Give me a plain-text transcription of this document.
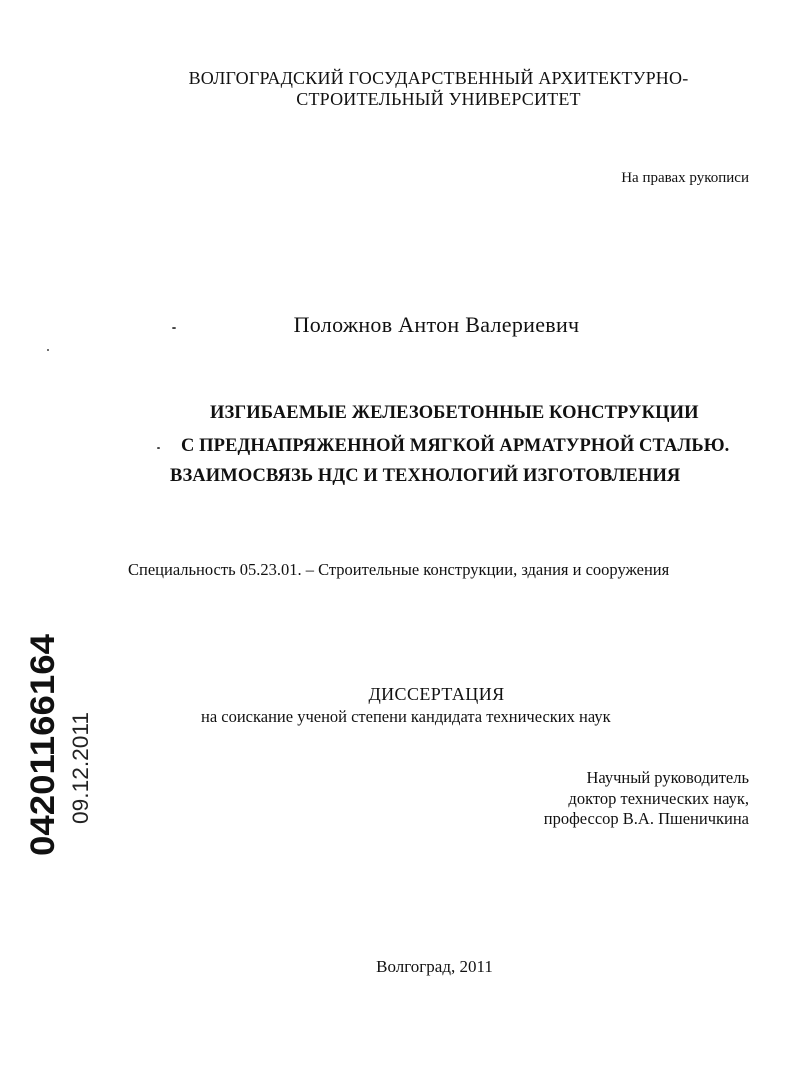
ВОЛГОГРАДСКИЙ ГОСУДАРСТВЕННЫЙ АРХИТЕКТУРНО-
СТРОИТЕЛЬНЫЙ УНИВЕРСИТЕТ
На правах рукописи
Положнов Антон Валериевич
ИЗГИБАЕМЫЕ ЖЕЛЕЗОБЕТОННЫЕ КОНСТРУКЦИИ
С ПРЕДНАПРЯЖЕННОЙ МЯГКОЙ АРМАТУРНОЙ СТАЛЬЮ.
ВЗАИМОСВЯЗЬ НДС И ТЕХНОЛОГИЙ ИЗГОТОВЛЕНИЯ
Специальность 05.23.01. – Строительные конструкции, здания и сооружения
ДИССЕРТАЦИЯ
на соискание ученой степени кандидата технических наук
Научный руководитель
доктор технических наук,
профессор В.А. Пшеничкина
Волгоград, 2011
04201166164 09.12.2011
